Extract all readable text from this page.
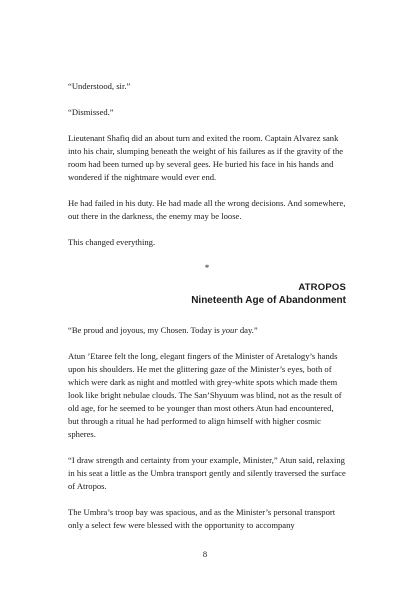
“Understood, sir.”

“Dismissed.”

Lieutenant Shafiq did an about turn and exited the room. Captain Alvarez sank into his chair, slumping beneath the weight of his failures as if the gravity of the room had been turned up by several gees. He buried his face in his hands and wondered if the nightmare would ever end.

He had failed in his duty. He had made all the wrong decisions. And somewhere, out there in the darkness, the enemy may be loose.

This changed everything.

*
ATROPOS
Nineteenth Age of Abandonment

“Be proud and joyous, my Chosen. Today is your day.”

Atun ’Etaree felt the long, elegant fingers of the Minister of Aretalogy’s hands upon his shoulders. He met the glittering gaze of the Minister’s eyes, both of which were dark as night and mottled with grey-white spots which made them look like bright nebulae clouds. The San’Shyuum was blind, not as the result of old age, for he seemed to be younger than most others Atun had encountered, but through a ritual he had performed to align himself with higher cosmic spheres.

“I draw strength and certainty from your example, Minister,” Atun said, relaxing in his seat a little as the Umbra transport gently and silently traversed the surface of Atropos.

The Umbra’s troop bay was spacious, and as the Minister’s personal transport only a select few were blessed with the opportunity to accompany

8
